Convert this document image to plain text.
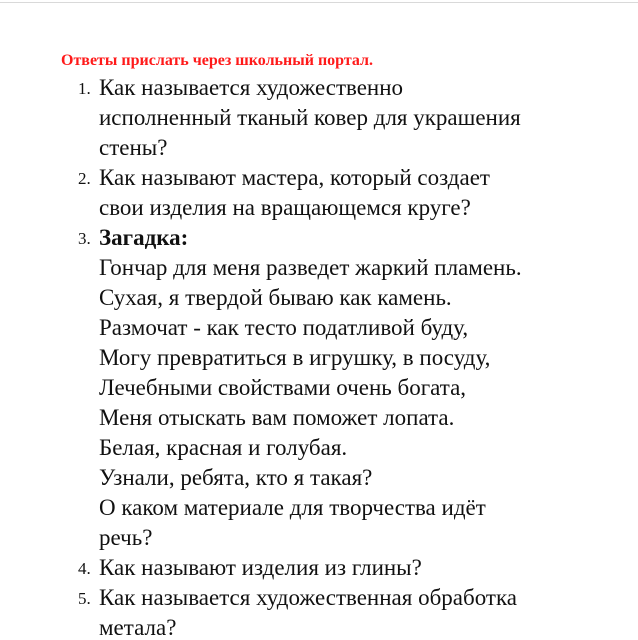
Ответы прислать через школьный портал.
1. Как называется художественно
исполненный тканый ковер для украшения
стены?
2. Как называют мастера, который создает
свои изделия на вращающемся круге?
3. Загадка:
Гончар для меня разведет жаркий пламень.
Сухая, я твердой бываю как камень.
Размочат - как тесто податливой буду,
Могу превратиться в игрушку, в посуду,
Лечебными свойствами очень богата,
Меня отыскать вам поможет лопата.
Белая, красная и голубая.
Узнали, ребята, кто я такая?
О каком материале для творчества идёт
речь?
4. Как называют изделия из глины?
5. Как называется художественная обработка
метала?
